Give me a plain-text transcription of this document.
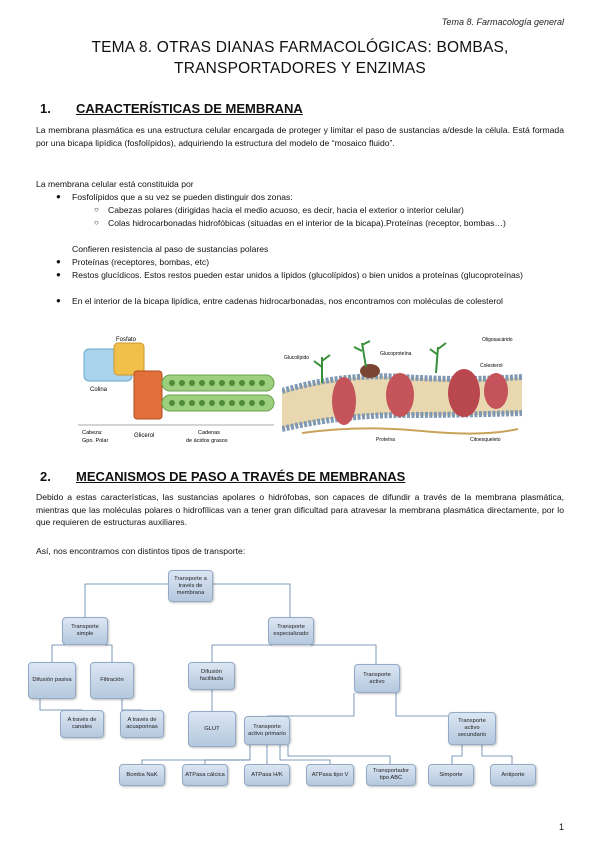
Tema 8. Farmacología general
TEMA 8. OTRAS DIANAS FARMACOLÓGICAS: BOMBAS,
TRANSPORTADORES Y ENZIMAS
1. CARACTERÍSTICAS DE MEMBRANA
La membrana plasmática es una estructura celular encargada de proteger y limitar el paso de sustancias a/desde la célula. Está formada por una bicapa lipídica (fosfolípidos), adquiriendo la estructura del modelo de “mosaico fluido”.
La membrana celular está constituida por
● Fosfolípidos que a su vez se pueden distinguir dos zonas:
○ Cabezas polares (dirigidas hacia el medio acuoso, es decir, hacia el exterior o interior celular)
○ Colas hidrocarbonadas hidrofóbicas (situadas en el interior de la bicapa).Proteínas (receptor, bombas…)
Confieren resistencia al paso de sustancias polares
● Proteínas (receptores, bombas, etc)
● Restos glucídicos. Estos restos pueden estar unidos a lípidos (glucolípidos) o bien unidos a proteínas (glucoproteínas)
● En el interior de la bicapa lipídica, entre cadenas hidrocarbonadas, nos encontramos con moléculas de colesterol
Fosfato
Colina
Cabeza:
Gpo. Polar
Glicerol	Cadenas
de ácidos grasos
Glucolípido
Glucoproteína
Oligosacárido
Colesterol
Proteína	Citoesqueleto
2. MECANISMOS DE PASO A TRAVÉS DE MEMBRANAS
Debido a estas características, las sustancias apolares o hidrófobas, son capaces de difundir a través de la membrana plasmática, mientras que las moléculas polares o hidrofílicas van a tener gran dificultad para atravesar la membrana plasmática directamente, por lo que requieren de estructuras auxiliares.
Así, nos encontramos con distintos tipos de transporte:
Transporte a través de membrana
Transporte simple
Transporte especializado
Difusión pasiva	Filtración
Difusión facilitada
Transporte activo
A través de canales
A través de acuaporinas	GLUT	Transporte activo primario
Transporte activo secundario
Bomba NaK	ATPasa cálcica	ATPasa H/K	ATPasa tipo V
Transportador tipo ABC
Simporte	Antiporte
1
